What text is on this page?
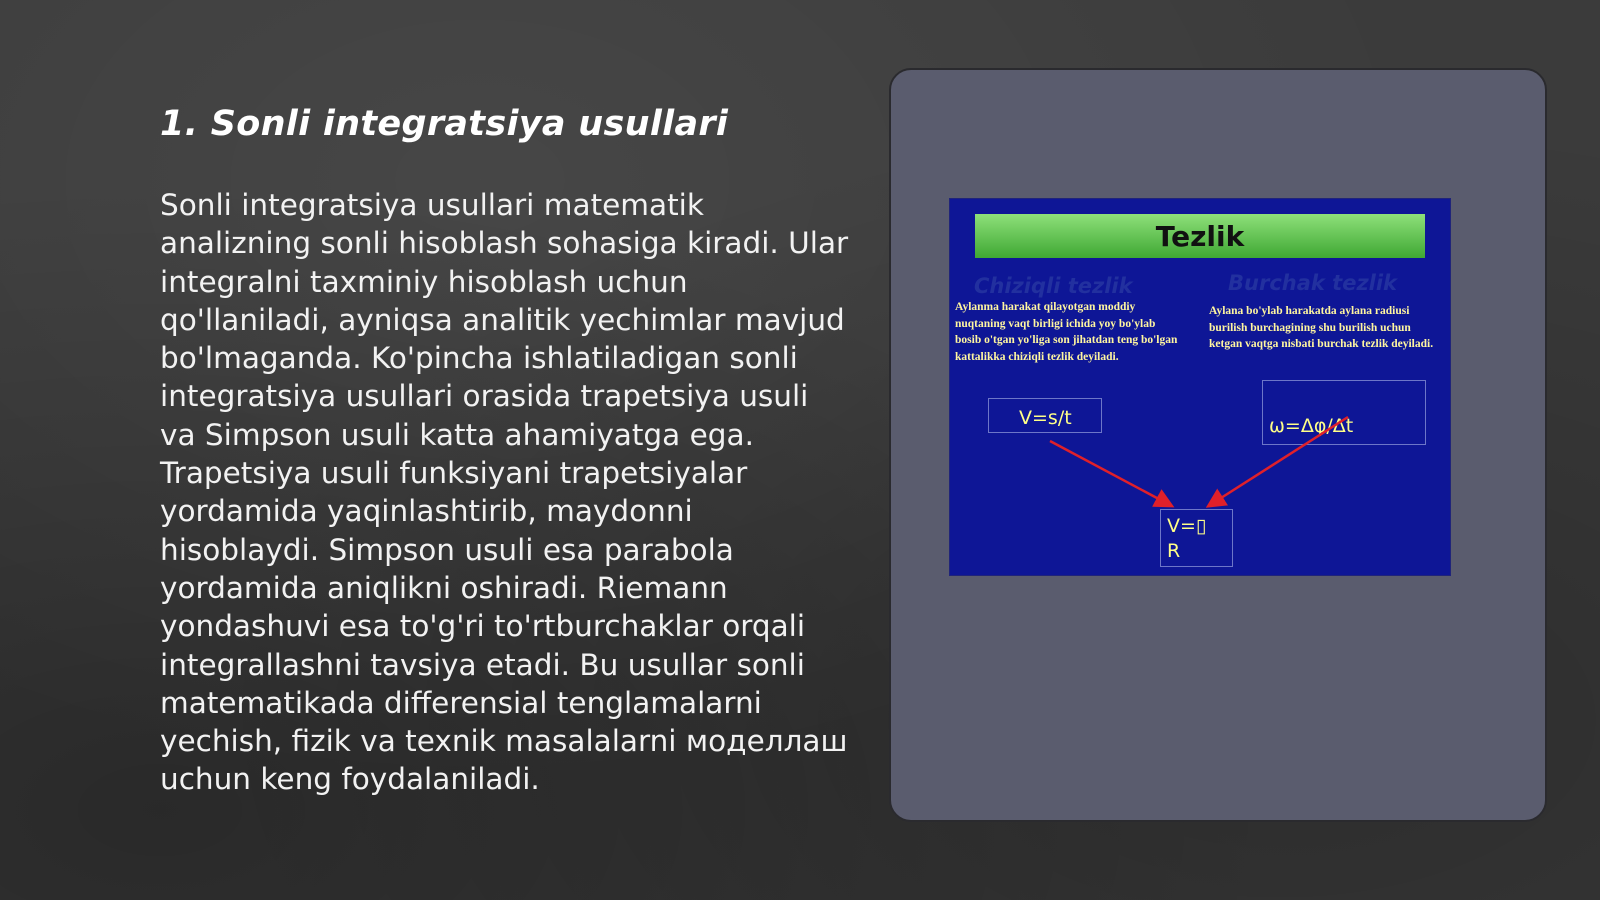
1. Sonli integratsiya usullari

Sonli integratsiya usullari matematik analizning sonli hisoblash sohasiga kiradi. Ular integralni taxminiy hisoblash uchun qo'llaniladi, ayniqsa analitik yechimlar mavjud bo'lmaganda. Ko'pincha ishlatiladigan sonli integratsiya usullari orasida trapetsiya usuli va Simpson usuli katta ahamiyatga ega. Trapetsiya usuli funksiyani trapetsiyalar yordamida yaqinlashtirib, maydonni hisoblaydi. Simpson usuli esa parabola yordamida aniqlikni oshiradi. Riemann yondashuvi esa to'g'ri to'rtburchaklar orqali integrallashni tavsiya etadi. Bu usullar sonli matematikada differensial tenglamalarni yechish, fizik va texnik masalalarni моделлаш uchun keng foydalaniladi.

Tezlik
Chiziqli tezlik	Burchak tezlik
Aylanma harakat qilayotgan moddiy nuqtaning vaqt birligi ichida yoy bo'ylab bosib o'tgan yo'liga son jihatdan teng bo'lgan kattalikka chiziqli tezlik deyiladi.
Aylana bo'ylab harakatda aylana radiusi burilish burchagining shu burilish uchun ketgan vaqtga nisbati burchak tezlik deyiladi.
V=s/t	ω=Δφ/Δt
V=▯
R
